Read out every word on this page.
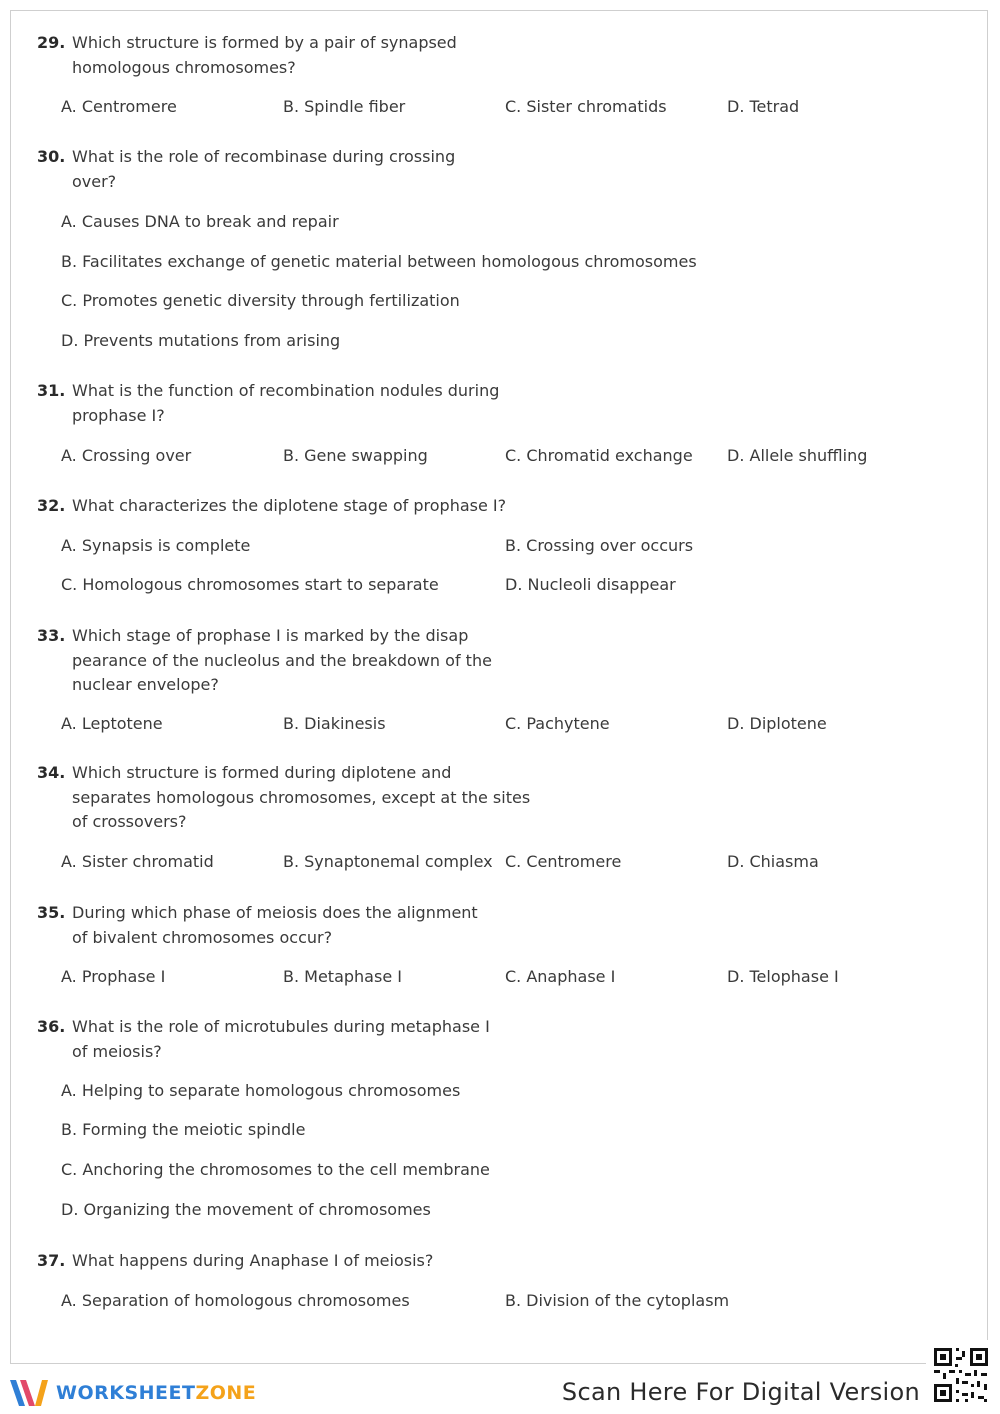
29. Which structure is formed by a pair of synapsed homologous chromosomes?
A. Centromere	B. Spindle fiber	C. Sister chromatids	D. Tetrad
30. What is the role of recombinase during crossing over?
A. Causes DNA to break and repair
B. Facilitates exchange of genetic material between homologous chromosomes
C. Promotes genetic diversity through fertilization
D. Prevents mutations from arising
31. What is the function of recombination nodules during prophase I?
A. Crossing over	B. Gene swapping	C. Chromatid exchange D. Allele shuffling
32. What characterizes the diplotene stage of prophase I?
A. Synapsis is complete	B. Crossing over occurs
C. Homologous chromosomes start to separate	D. Nucleoli disappear
33. Which stage of prophase I is marked by the disap pearance of the nucleolus and the breakdown of the nuclear envelope?
A. Leptotene	B. Diakinesis	C. Pachytene	D. Diplotene
34. Which structure is formed during diplotene and separates homologous chromosomes, except at the sites of crossovers?
A. Sister chromatid	B. Synaptonemal complex C. Centromere	D. Chiasma
35. During which phase of meiosis does the alignment of bivalent chromosomes occur?
A. Prophase I	B. Metaphase I	C. Anaphase I	D. Telophase I
36. What is the role of microtubules during metaphase I of meiosis?
A. Helping to separate homologous chromosomes
B. Forming the meiotic spindle
C. Anchoring the chromosomes to the cell membrane
D. Organizing the movement of chromosomes
37. What happens during Anaphase I of meiosis?
A. Separation of homologous chromosomes	B. Division of the cytoplasm
WORKSHEETZONE	Scan Here For Digital Version
